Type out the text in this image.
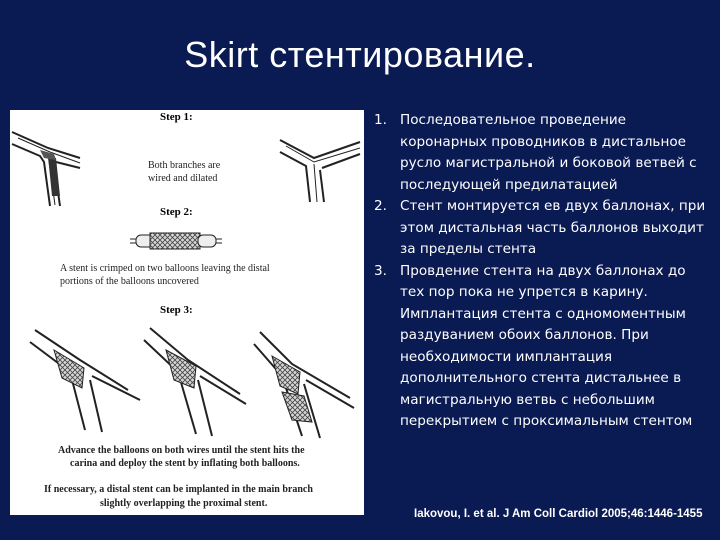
Skirt стентирование.
Step 1:
Both branches are
wired and dilated
Step 2:
A stent is crimped on two balloons leaving the distal
portions of the balloons uncovered
Step 3:
Advance the balloons on both wires until the stent hits the
carina and deploy the stent by inflating both balloons.
If necessary, a distal stent can be implanted in the main branch
slightly overlapping the proximal stent.
1. Последовательное проведение коронарных проводников в дистальное русло магистральной и боковой ветвей с последующей предилатацией
2. Стент монтируется ев двух баллонах, при этом дистальная часть баллонов выходит за пределы стента
3. Провдение стента на двух баллонах до тех пор пока не упрется в карину. Имплантация стента с одномоментным раздуванием обоих баллонов. При необходимости имплантация дополнительного стента дистальнее в магистральную ветвь с небольшим перекрытием с проксимальным стентом
Iakovou, I. et al. J Am Coll Cardiol 2005;46:1446-1455
